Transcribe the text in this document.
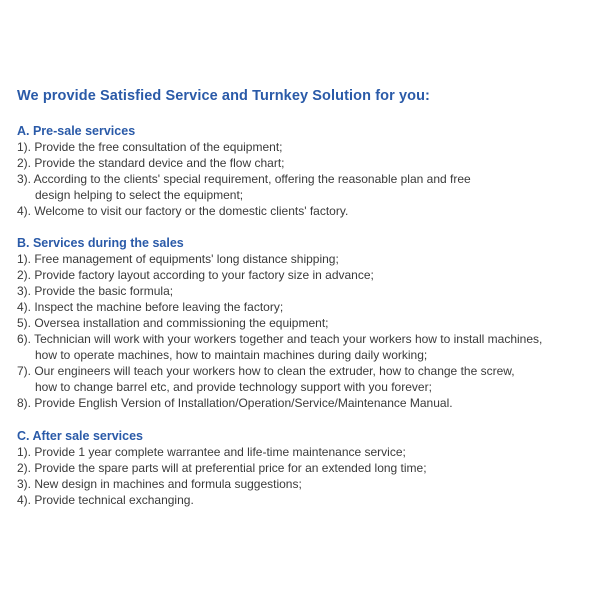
We provide Satisfied Service and Turnkey Solution for you:
A. Pre-sale services
1). Provide the free consultation of the equipment;
2). Provide the standard device and the flow chart;
3). According to the clients' special requirement, offering the reasonable plan and free
design helping to select the equipment;
4). Welcome to visit our factory or the domestic clients' factory.
B. Services during the sales
1). Free management of equipments' long distance shipping;
2). Provide factory layout according to your factory size in advance;
3). Provide the basic formula;
4). Inspect the machine before leaving the factory;
5). Oversea installation and commissioning the equipment;
6). Technician will work with your workers together and teach your workers how to install machines,
how to operate machines, how to maintain machines during daily working;
7). Our engineers will teach your workers how to clean the extruder, how to change the screw,
how to change barrel etc, and provide technology support with you forever;
8). Provide English Version of Installation/Operation/Service/Maintenance Manual.
C. After sale services
1). Provide 1 year complete warrantee and life-time maintenance service;
2). Provide the spare parts will at preferential price for an extended long time;
3). New design in machines and formula suggestions;
4). Provide technical exchanging.
